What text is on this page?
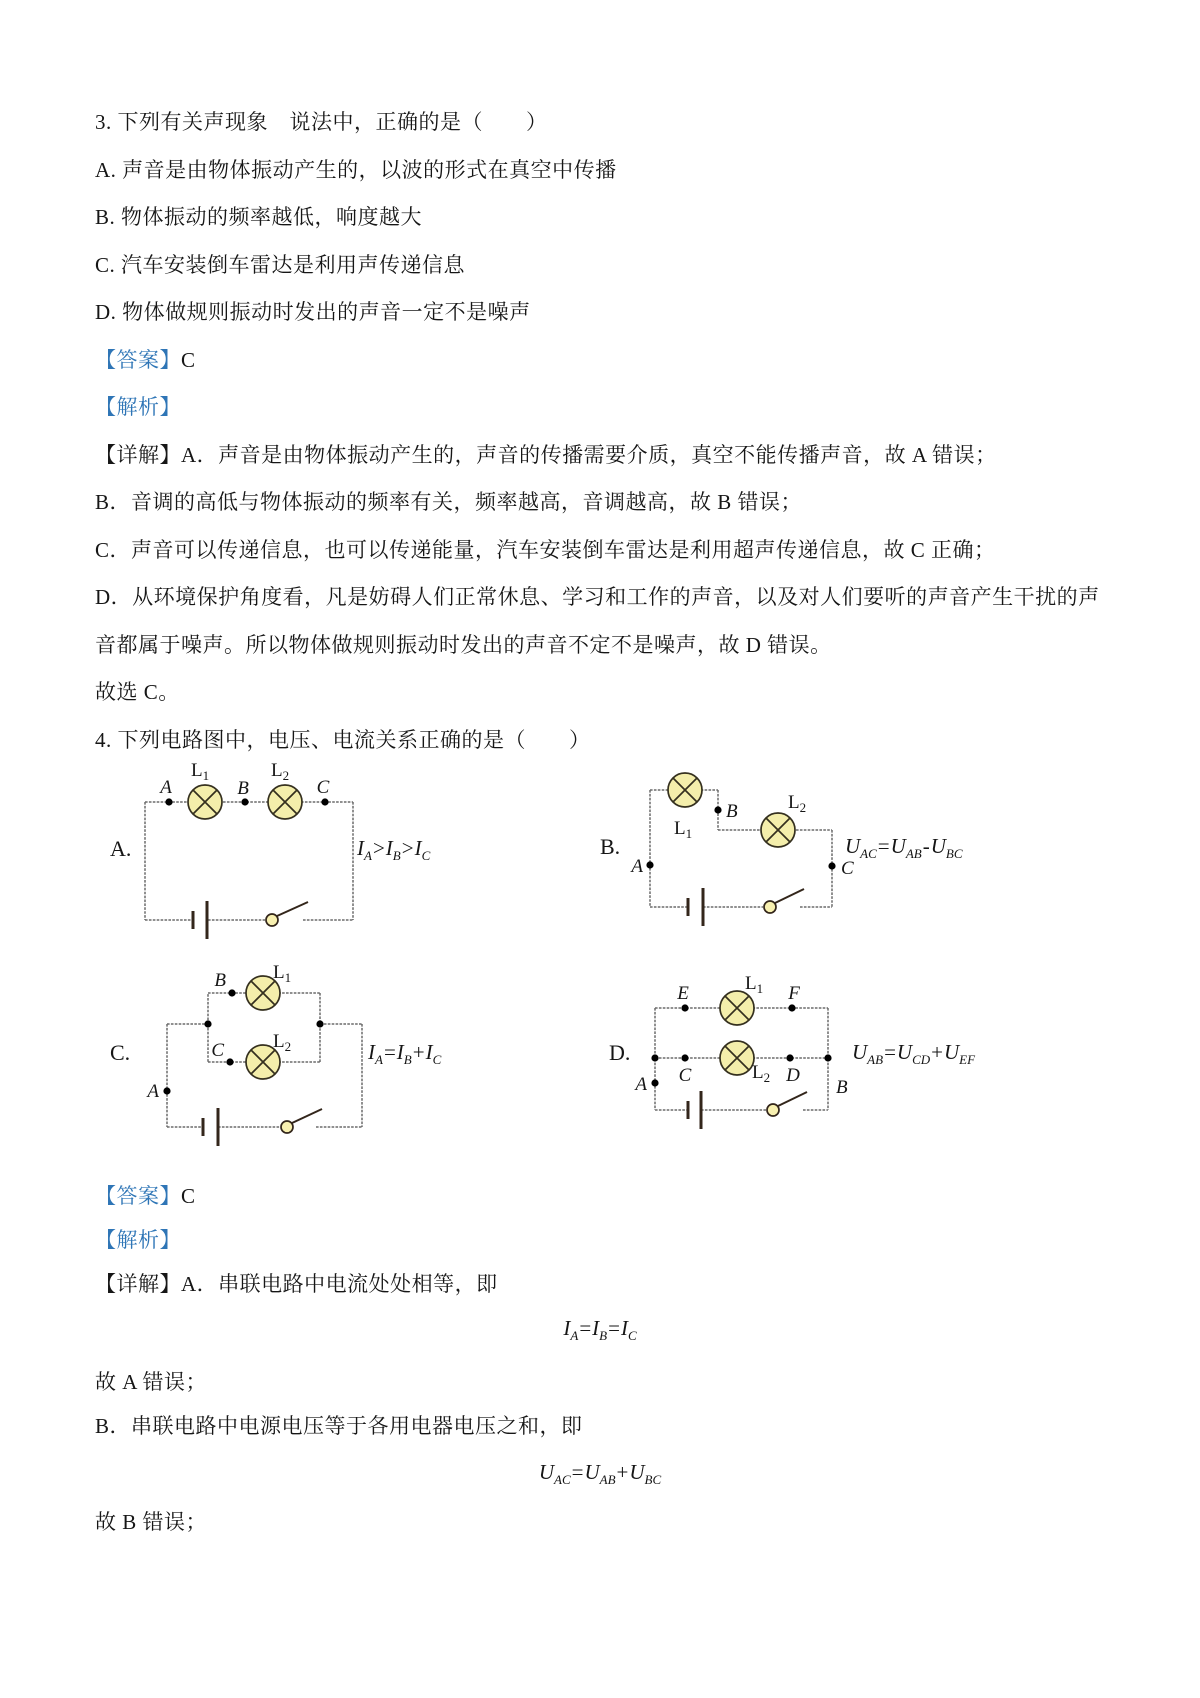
3. 下列有关声现象　说法中，正确的是（　　）
A. 声音是由物体振动产生的，以波的形式在真空中传播
B. 物体振动的频率越低，响度越大
C. 汽车安装倒车雷达是利用声传递信息
D. 物体做规则振动时发出的声音一定不是噪声
【答案】C
【解析】
【详解】A．声音是由物体振动产生的，声音的传播需要介质，真空不能传播声音，故 A 错误；
B．音调的高低与物体振动的频率有关，频率越高，音调越高，故 B 错误；
C．声音可以传递信息，也可以传递能量，汽车安装倒车雷达是利用超声传递信息，故 C 正确；
D．从环境保护角度看，凡是妨碍人们正常休息、学习和工作的声音，以及对人们要听的声音产生干扰的声
音都属于噪声。所以物体做规则振动时发出的声音不定不是噪声，故 D 错误。
故选 C。
4. 下列电路图中，电压、电流关系正确的是（　　）
A.
A	B	C
$L_1$	$L_2$
$I_A>I_B>I_C$	B.
A
B
C
$L_1$
$L_2$
$U_{AC}=U_{AB}-U_{BC}$
C.
B
C
A
$L_1$
$L_2$	$I_A=I_B+I_C$	D.
E	F
C	D
A	B
$L_1$
$L_2$
$U_{AB}=U_{CD}+U_{EF}$
【答案】C
【解析】
【详解】A．串联电路中电流处处相等，即
$I_A=I_B=I_C$
故 A 错误；
B．串联电路中电源电压等于各用电器电压之和，即
$U_{AC}=U_{AB}+U_{BC}$
故 B 错误；
